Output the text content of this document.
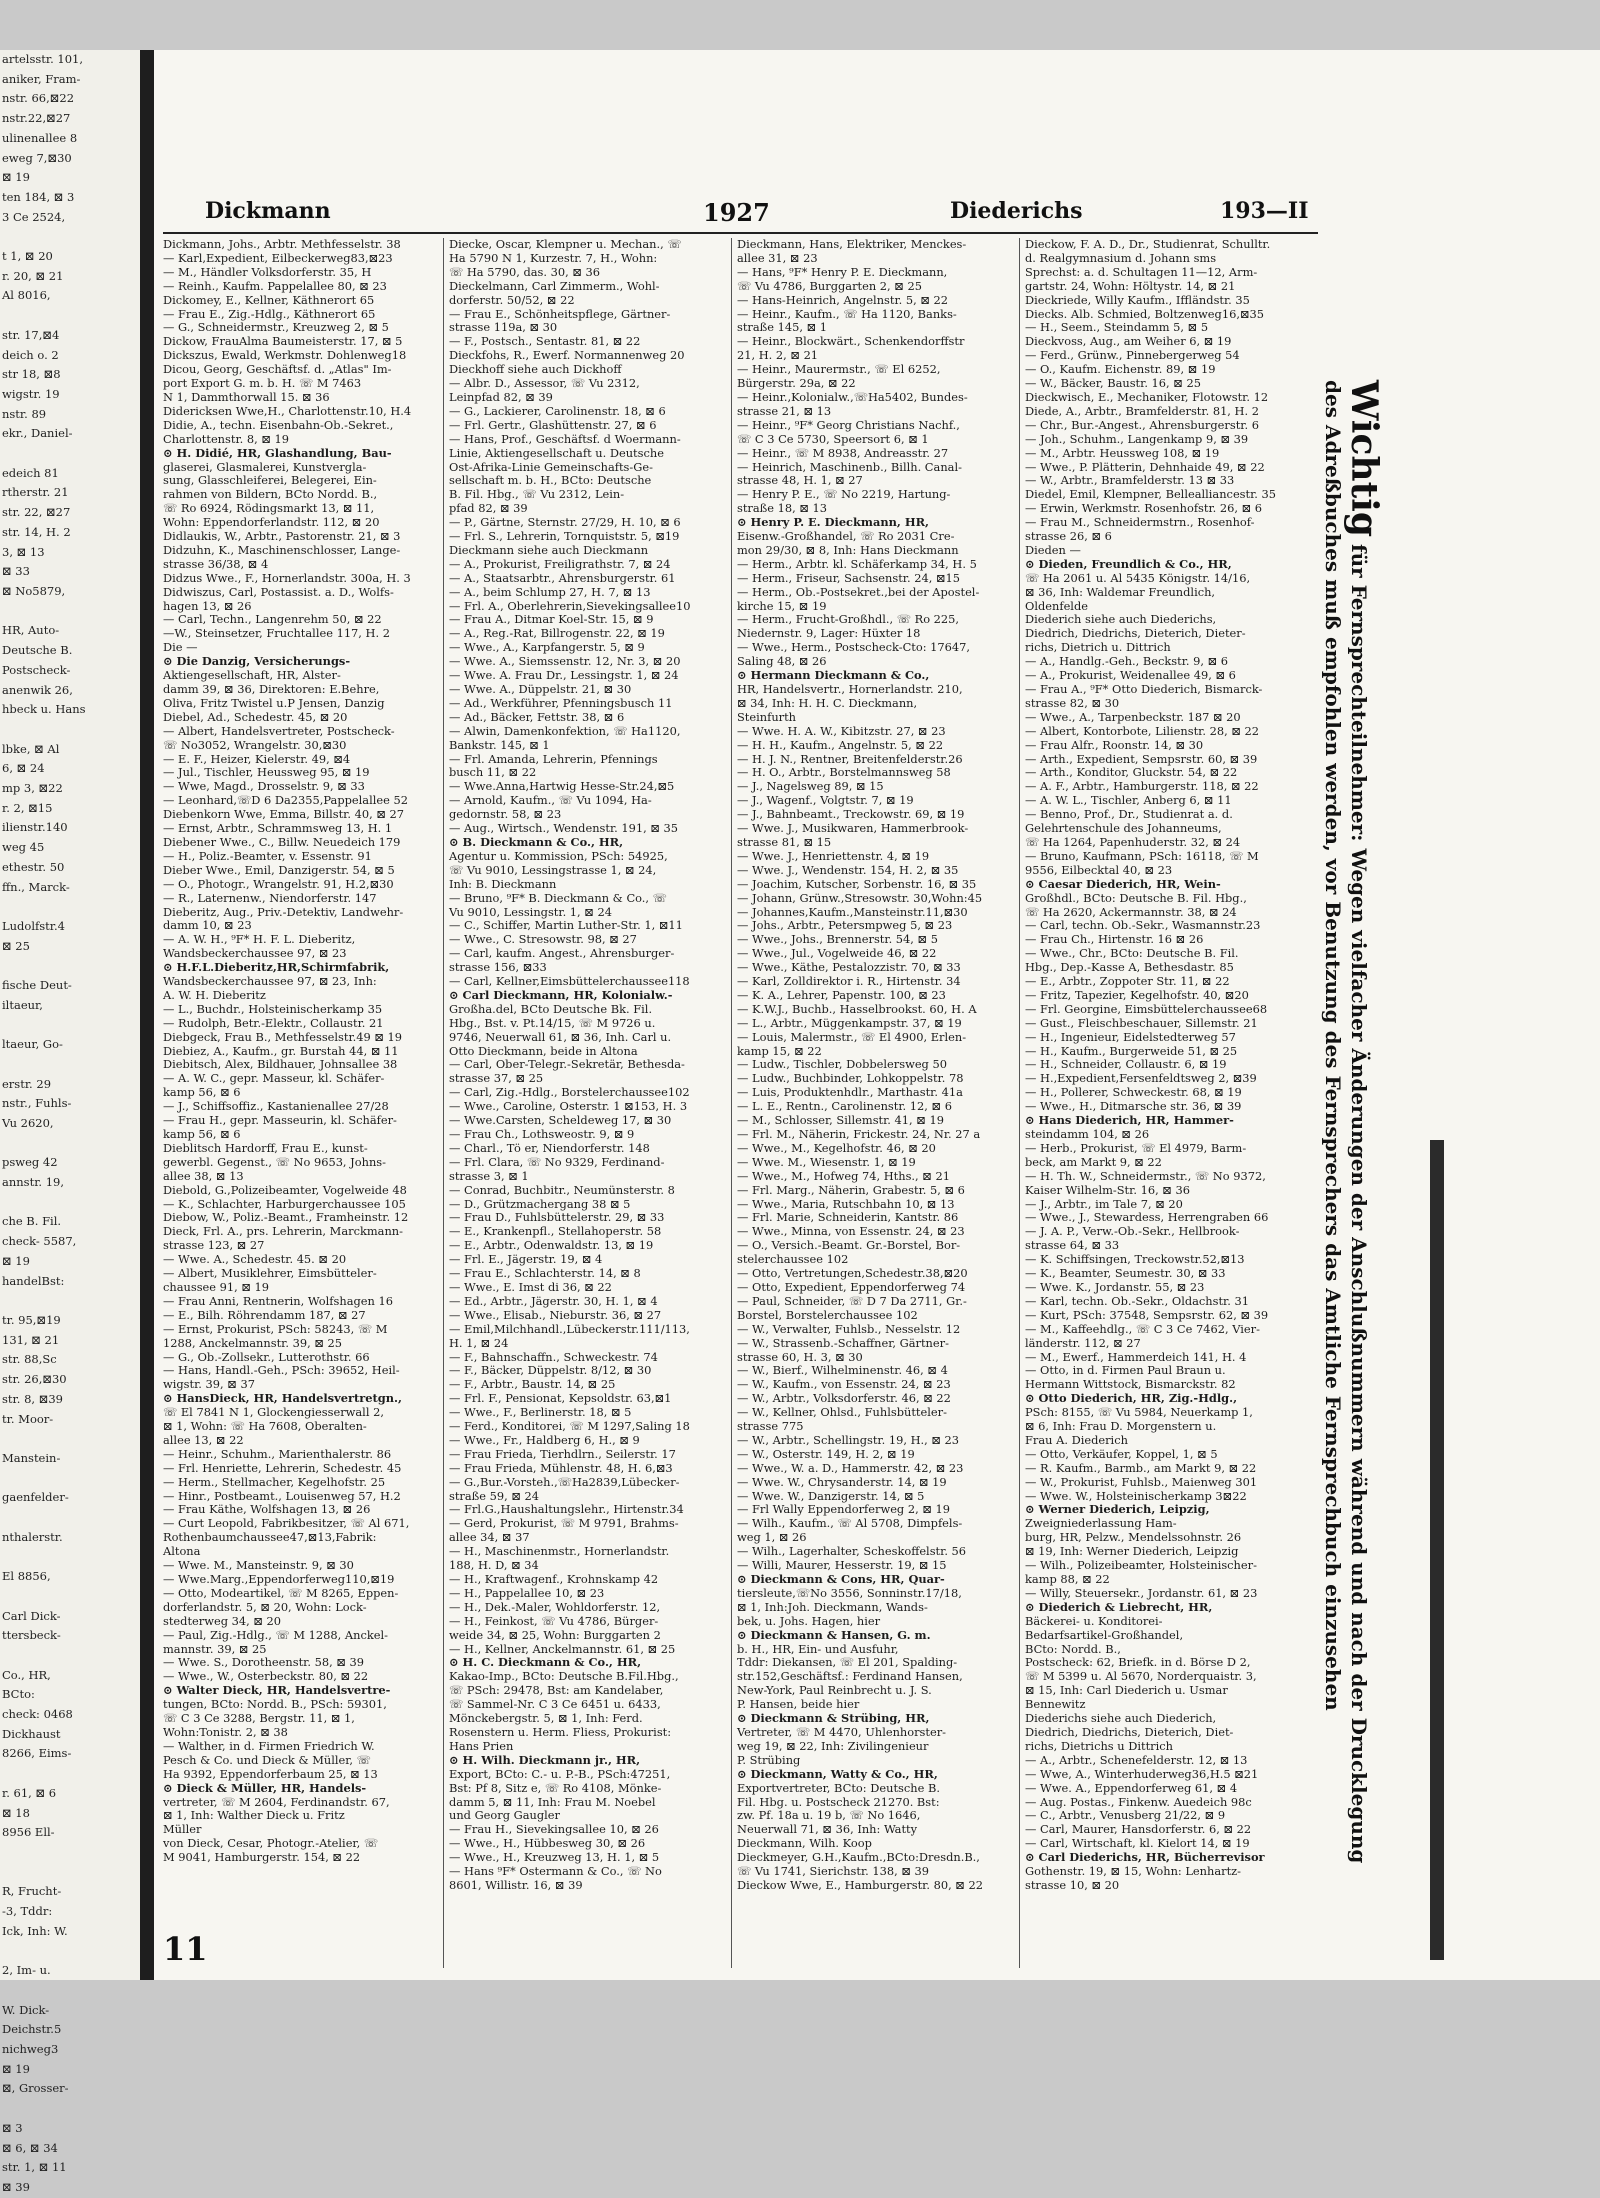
artelsstr. 101,
aniker, Fram-
nstr. 66,⊠22
nstr.22,⊠27
ulinenallee 8
eweg 7,⊠30
⊠ 19
ten 184, ⊠ 3
3 Ce 2524,

t 1, ⊠ 20
r. 20, ⊠ 21
Al 8016,

str. 17,⊠4
deich o. 2
str 18, ⊠8
wigstr. 19
nstr. 89
ekr., Daniel-

edeich 81
rtherstr. 21
str. 22, ⊠27
str. 14, H. 2
3, ⊠ 13
⊠ 33
⊠ No5879,

HR, Auto-
Deutsche B.
Postscheck-
anenwik 26,
hbeck u. Hans

lbke, ⊠ Al
6, ⊠ 24
mp 3, ⊠22
r. 2, ⊠15
ilienstr.140
weg 45
ethestr. 50
ffn., Marck-

Ludolfstr.4
⊠ 25

fische Deut-
iltaeur,

ltaeur, Go-

erstr. 29
nstr., Fuhls-
Vu 2620,

psweg 42
annstr. 19,

che B. Fil.
check- 5587,
⊠ 19
handelBst:

tr. 95,⊠19
131, ⊠ 21
str. 88,Sc
str. 26,⊠30
str. 8, ⊠39
tr. Moor-

Manstein-

gaenfelder-

nthalerstr.

El 8856,

Carl Dick-
ttersbeck-

Co., HR,
BCto:
check: 0468
Dickhaust
8266, Eims-

r. 61, ⊠ 6
⊠ 18
8956 Ell-

R, Frucht-
-3, Tddr:
Ick, Inh: W.

2, Im- u.

W. Dick-
Deichstr.5
nichweg3
⊠ 19
⊠, Grosser-

⊠ 3
⊠ 6, ⊠ 34
str. 1, ⊠ 11
⊠ 39
Dickmann	1927	Diederichs	193—II
Dickmann, Johs., Arbtr. Methfesselstr. 38
— Karl,Expedient, Eilbeckerweg83,⊠23
— M., Händler Volksdorferstr. 35, H
— Reinh., Kaufm. Pappelallee 80, ⊠ 23
Dickomey, E., Kellner, Käthnerort 65
— Frau E., Zig.-Hdlg., Käthnerort 65
— G., Schneidermstr., Kreuzweg 2, ⊠ 5
Dickow, FrauAlma Baumeisterstr. 17, ⊠ 5
Dickszus, Ewald, Werkmstr. Dohlenweg18
Dicou, Georg, Geschäftsf. d. „Atlas" Im-
port Export G. m. b. H. ☏ M 7463
N 1, Dammthorwall 15. ⊠ 36
Didericksen Wwe,H., Charlottenstr.10, H.4
Didie, A., techn. Eisenbahn-Ob.-Sekret.,
Charlottenstr. 8, ⊠ 19
⊙ H. Didié, HR, Glashandlung, Bau-
glaserei, Glasmalerei, Kunstvergla-
sung, Glasschleiferei, Belegerei, Ein-
rahmen von Bildern, BCto Nordd. B.,
☏ Ro 6924, Rödingsmarkt 13, ⊠ 11,
Wohn: Eppendorferlandstr. 112, ⊠ 20
Didlaukis, W., Arbtr., Pastorenstr. 21, ⊠ 3
Didzuhn, K., Maschinenschlosser, Lange-
strasse 36/38, ⊠ 4
Didzus Wwe., F., Hornerlandstr. 300a, H. 3
Didwiszus, Carl, Postassist. a. D., Wolfs-
hagen 13, ⊠ 26
— Carl, Techn., Langenrehm 50, ⊠ 22
—W., Steinsetzer, Fruchtallee 117, H. 2
Die —
⊙ Die Danzig, Versicherungs-
Aktiengesellschaft, HR, Alster-
damm 39, ⊠ 36, Direktoren: E.Behre,
Oliva, Fritz Twistel u.P Jensen, Danzig
Diebel, Ad., Schedestr. 45, ⊠ 20
— Albert, Handelsvertreter, Postscheck-
☏ No3052, Wrangelstr. 30,⊠30
— E. F., Heizer, Kielerstr. 49, ⊠4
— Jul., Tischler, Heussweg 95, ⊠ 19
— Wwe, Magd., Drosselstr. 9, ⊠ 33
— Leonhard,☏D 6 Da2355,Pappelallee 52
Diebenkorn Wwe, Emma, Billstr. 40, ⊠ 27
— Ernst, Arbtr., Schrammsweg 13, H. 1
Diebener Wwe., C., Billw. Neuedeich 179
— H., Poliz.-Beamter, v. Essenstr. 91
Dieber Wwe., Emil, Danzigerstr. 54, ⊠ 5
— O., Photogr., Wrangelstr. 91, H.2,⊠30
— R., Laternenw., Niendorferstr. 147
Dieberitz, Aug., Priv.-Detektiv, Landwehr-
damm 10, ⊠ 23
— A. W. H., ⁹F* H. F. L. Dieberitz,
Wandsbeckerchaussee 97, ⊠ 23
⊙ H.F.L.Dieberitz,HR,Schirmfabrik,
Wandsbeckerchaussee 97, ⊠ 23, Inh:
A. W. H. Dieberitz
— L., Buchdr., Holsteinischerkamp 35
— Rudolph, Betr.-Elektr., Collaustr. 21
Diebgeck, Frau B., Methfesselstr.49 ⊠ 19
Diebiez, A., Kaufm., gr. Burstah 44, ⊠ 11
Diebitsch, Alex, Bildhauer, Johnsallee 38
— A. W. C., gepr. Masseur, kl. Schäfer-
kamp 56, ⊠ 6
— J., Schiffsoffiz., Kastanienallee 27/28
— Frau H., gepr. Masseurin, kl. Schäfer-
kamp 56, ⊠ 6
Dieblitsch Hardorff, Frau E., kunst-
gewerbl. Gegenst., ☏ No 9653, Johns-
allee 38, ⊠ 13
Diebold, G.,Polizeibeamter, Vogelweide 48
— K., Schlachter, Harburgerchaussee 105
Diebow, W., Poliz.-Beamt., Framheinstr. 12
Dieck, Frl. A., prs. Lehrerin, Marckmann-
strasse 123, ⊠ 27
— Wwe. A., Schedestr. 45. ⊠ 20
— Albert, Musiklehrer, Eimsbütteler-
chaussee 91, ⊠ 19
— Frau Anni, Rentnerin, Wolfshagen 16
— E., Bilh. Röhrendamm 187, ⊠ 27
— Ernst, Prokurist, PSch: 58243, ☏ M
1288, Anckelmannstr. 39, ⊠ 25
— G., Ob.-Zollsekr., Lutterothstr. 66
— Hans, Handl.-Geh., PSch: 39652, Heil-
wigstr. 39, ⊠ 37
⊙ HansDieck, HR, Handelsvertretgn.,
☏ El 7841 N 1, Glockengiesserwall 2,
⊠ 1, Wohn: ☏ Ha 7608, Oberalten-
allee 13, ⊠ 22
— Heinr., Schuhm., Marienthalerstr. 86
— Frl. Henriette, Lehrerin, Schedestr. 45
— Herm., Stellmacher, Kegelhofstr. 25
— Hinr., Postbeamt., Louisenweg 57, H.2
— Frau Käthe, Wolfshagen 13, ⊠ 26
— Curt Leopold, Fabrikbesitzer, ☏ Al 671,
Rothenbaumchaussee47,⊠13,Fabrik:
Altona
— Wwe. M., Mansteinstr. 9, ⊠ 30
— Wwe.Marg.,Eppendorferweg110,⊠19
— Otto, Modeartikel, ☏ M 8265, Eppen-
dorferlandstr. 5, ⊠ 20, Wohn: Lock-
stedterweg 34, ⊠ 20
— Paul, Zig.-Hdlg., ☏ M 1288, Anckel-
mannstr. 39, ⊠ 25
— Wwe. S., Dorotheenstr. 58, ⊠ 39
— Wwe., W., Osterbeckstr. 80, ⊠ 22
⊙ Walter Dieck, HR, Handelsvertre-
tungen, BCto: Nordd. B., PSch: 59301,
☏ C 3 Ce 3288, Bergstr. 11, ⊠ 1,
Wohn:Tonistr. 2, ⊠ 38
— Walther, in d. Firmen Friedrich W.
Pesch & Co. und Dieck & Müller, ☏
Ha 9392, Eppendorferbaum 25, ⊠ 13
⊙ Dieck & Müller, HR, Handels-
vertreter, ☏ M 2604, Ferdinandstr. 67,
⊠ 1, Inh: Walther Dieck u. Fritz
Müller
von Dieck, Cesar, Photogr.-Atelier, ☏
M 9041, Hamburgerstr. 154, ⊠ 22
Diecke, Oscar, Klempner u. Mechan., ☏
Ha 5790 N 1, Kurzestr. 7, H., Wohn:
☏ Ha 5790, das. 30, ⊠ 36
Dieckelmann, Carl Zimmerm., Wohl-
dorferstr. 50/52, ⊠ 22
— Frau E., Schönheitspflege, Gärtner-
strasse 119a, ⊠ 30
— F., Postsch., Sentastr. 81, ⊠ 22
Dieckfohs, R., Ewerf. Normannenweg 20
Dieckhoff siehe auch Dickhoff
— Albr. D., Assessor, ☏ Vu 2312,
Leinpfad 82, ⊠ 39
— G., Lackierer, Carolinenstr. 18, ⊠ 6
— Frl. Gertr., Glashüttenstr. 27, ⊠ 6
— Hans, Prof., Geschäftsf. d Woermann-
Linie, Aktiengesellschaft u. Deutsche
Ost-Afrika-Linie Gemeinschafts-Ge-
sellschaft m. b. H., BCto: Deutsche
B. Fil. Hbg., ☏ Vu 2312, Lein-
pfad 82, ⊠ 39
— P., Gärtne, Sternstr. 27/29, H. 10, ⊠ 6
— Frl. S., Lehrerin, Tornquiststr. 5, ⊠19
Dieckmann siehe auch Dieckmann
— A., Prokurist, Freiligrathstr. 7, ⊠ 24
— A., Staatsarbtr., Ahrensburgerstr. 61
— A., beim Schlump 27, H. 7, ⊠ 13
— Frl. A., Oberlehrerin,Sievekingsallee10
— Frau A., Ditmar Koel-Str. 15, ⊠ 9
— A., Reg.-Rat, Billrogenstr. 22, ⊠ 19
— Wwe., A., Karpfangerstr. 5, ⊠ 9
— Wwe. A., Siemssenstr. 12, Nr. 3, ⊠ 20
— Wwe. A. Frau Dr., Lessingstr. 1, ⊠ 24
— Wwe. A., Düppelstr. 21, ⊠ 30
— Ad., Werkführer, Pfenningsbusch 11
— Ad., Bäcker, Fettstr. 38, ⊠ 6
— Alwin, Damenkonfektion, ☏ Ha1120,
Bankstr. 145, ⊠ 1
— Frl. Amanda, Lehrerin, Pfennings
busch 11, ⊠ 22
— Wwe.Anna,Hartwig Hesse-Str.24,⊠5
— Arnold, Kaufm., ☏ Vu 1094, Ha-
gedornstr. 58, ⊠ 23
— Aug., Wirtsch., Wendenstr. 191, ⊠ 35
⊙ B. Dieckmann & Co., HR,
Agentur u. Kommission, PSch: 54925,
☏ Vu 9010, Lessingstrasse 1, ⊠ 24,
Inh: B. Dieckmann
— Bruno, ⁹F* B. Dieckmann & Co., ☏
Vu 9010, Lessingstr. 1, ⊠ 24
— C., Schiffer, Martin Luther-Str. 1, ⊠11
— Wwe., C. Stresowstr. 98, ⊠ 27
— Carl, kaufm. Angest., Ahrensburger-
strasse 156, ⊠33
— Carl, Kellner,Eimsbüttelerchaussee118
⊙ Carl Dieckmann, HR, Kolonialw.-
Großha.del, BCto Deutsche Bk. Fil.
Hbg., Bst. v. Pt.14/15, ☏ M 9726 u.
9746, Neuerwall 61, ⊠ 36, Inh. Carl u.
Otto Dieckmann, beide in Altona
— Carl, Ober-Telegr.-Sekretär, Bethesda-
strasse 37, ⊠ 25
— Carl, Zig.-Hdlg., Borstelerchaussee102
— Wwe., Caroline, Osterstr. 1 ⊠153, H. 3
— Wwe.Carsten, Scheldeweg 17, ⊠ 30
— Frau Ch., Lothsweostr. 9, ⊠ 9
— Charl., Tö er, Niendorferstr. 148
— Frl. Clara, ☏ No 9329, Ferdinand-
strasse 3, ⊠ 1
— Conrad, Buchbitr., Neumünsterstr. 8
— D., Grützmachergang 38 ⊠ 5
— Frau D., Fuhlsbüttelerstr. 29, ⊠ 33
— E., Krankenpfl., Stellahoperstr. 58
— E., Arbtr., Odenwaldstr. 13, ⊠ 19
— Frl. E., Jägerstr. 19, ⊠ 4
— Frau E., Schlachterstr. 14, ⊠ 8
— Wwe., E. Imst di 36, ⊠ 22
— Ed., Arbtr., Jägerstr. 30, H. 1, ⊠ 4
— Wwe., Elisab., Nieburstr. 36, ⊠ 27
— Emil,Milchhandl.,Lübeckerstr.111/113,
H. 1, ⊠ 24
— F., Bahnschaffn., Schweckestr. 74
— F., Bäcker, Düppelstr. 8/12, ⊠ 30
— F., Arbtr., Baustr. 14, ⊠ 25
— Frl. F., Pensionat, Kepsoldstr. 63,⊠1
— Wwe., F., Berlinerstr. 18, ⊠ 5
— Ferd., Konditorei, ☏ M 1297,Saling 18
— Wwe., Fr., Haldberg 6, H., ⊠ 9
— Frau Frieda, Tierhdlrn., Seilerstr. 17
— Frau Frieda, Mühlenstr. 48, H. 6,⊠3
— G.,Bur.-Vorsteh.,☏Ha2839,Lübecker-
straße 59, ⊠ 24
— Frl.G.,Haushaltungslehr., Hirtenstr.34
— Gerd, Prokurist, ☏ M 9791, Brahms-
allee 34, ⊠ 37
— H., Maschinenmstr., Hornerlandstr.
188, H. D, ⊠ 34
— H., Kraftwagenf., Krohnskamp 42
— H., Pappelallee 10, ⊠ 23
— H., Dek.-Maler, Wohldorferstr. 12,
— H., Feinkost, ☏ Vu 4786, Bürger-
weide 34, ⊠ 25, Wohn: Burggarten 2
— H., Kellner, Anckelmannstr. 61, ⊠ 25
⊙ H. C. Dieckmann & Co., HR,
Kakao-Imp., BCto: Deutsche B.Fil.Hbg.,
☏ PSch: 29478, Bst: am Kandelaber,
☏ Sammel-Nr. C 3 Ce 6451 u. 6433,
Mönckebergstr. 5, ⊠ 1, Inh: Ferd.
Rosenstern u. Herm. Fliess, Prokurist:
Hans Prien
⊙ H. Wilh. Dieckmann jr., HR,
Export, BCto: C.- u. P.-B., PSch:47251,
Bst: Pf 8, Sitz e, ☏ Ro 4108, Mönke-
damm 5, ⊠ 11, Inh: Frau M. Noebel
und Georg Gaugler
— Frau H., Sievekingsallee 10, ⊠ 26
— Wwe., H., Hübbesweg 30, ⊠ 26
— Wwe., H., Kreuzweg 13, H. 1, ⊠ 5
— Hans ⁹F* Ostermann & Co., ☏ No
8601, Willistr. 16, ⊠ 39
Dieckmann, Hans, Elektriker, Menckes-
allee 31, ⊠ 23
— Hans, ⁹F* Henry P. E. Dieckmann,
☏ Vu 4786, Burggarten 2, ⊠ 25
— Hans-Heinrich, Angelnstr. 5, ⊠ 22
— Heinr., Kaufm., ☏ Ha 1120, Banks-
straße 145, ⊠ 1
— Heinr., Blockwärt., Schenkendorffstr
21, H. 2, ⊠ 21
— Heinr., Maurermstr., ☏ El 6252,
Bürgerstr. 29a, ⊠ 22
— Heinr.,Kolonialw.,☏Ha5402, Bundes-
strasse 21, ⊠ 13
— Heinr., ⁹F* Georg Christians Nachf.,
☏ C 3 Ce 5730, Speersort 6, ⊠ 1
— Heinr., ☏ M 8938, Andreasstr. 27
— Heinrich, Maschinenb., Billh. Canal-
strasse 48, H. 1, ⊠ 27
— Henry P. E., ☏ No 2219, Hartung-
straße 18, ⊠ 13
⊙ Henry P. E. Dieckmann, HR,
Eisenw.-Großhandel, ☏ Ro 2031 Cre-
mon 29/30, ⊠ 8, Inh: Hans Dieckmann
— Herm., Arbtr. kl. Schäferkamp 34, H. 5
— Herm., Friseur, Sachsenstr. 24, ⊠15
— Herm., Ob.-Postsekret.,bei der Apostel-
kirche 15, ⊠ 19
— Herm., Frucht-Großhdl., ☏ Ro 225,
Niedernstr. 9, Lager: Hüxter 18
— Wwe., Herm., Postscheck-Cto: 17647,
Saling 48, ⊠ 26
⊙ Hermann Dieckmann & Co.,
HR, Handelsvertr., Hornerlandstr. 210,
⊠ 34, Inh: H. H. C. Dieckmann,
Steinfurth
— Wwe. H. A. W., Kibitzstr. 27, ⊠ 23
— H. H., Kaufm., Angelnstr. 5, ⊠ 22
— H. J. N., Rentner, Breitenfelderstr.26
— H. O., Arbtr., Borstelmannsweg 58
— J., Nagelsweg 89, ⊠ 15
— J., Wagenf., Volgtstr. 7, ⊠ 19
— J., Bahnbeamt., Treckowstr. 69, ⊠ 19
— Wwe. J., Musikwaren, Hammerbrook-
strasse 81, ⊠ 15
— Wwe. J., Henriettenstr. 4, ⊠ 19
— Wwe. J., Wendenstr. 154, H. 2, ⊠ 35
— Joachim, Kutscher, Sorbenstr. 16, ⊠ 35
— Johann, Grünw.,Stresowstr. 30,Wohn:45
— Johannes,Kaufm.,Mansteinstr.11,⊠30
— Johs., Arbtr., Petersmpweg 5, ⊠ 23
— Wwe., Johs., Brennerstr. 54, ⊠ 5
— Wwe., Jul., Vogelweide 46, ⊠ 22
— Wwe., Käthe, Pestalozzistr. 70, ⊠ 33
— Karl, Zolldirektor i. R., Hirtenstr. 34
— K. A., Lehrer, Papenstr. 100, ⊠ 23
— K.W.J., Buchb., Hasselbrookst. 60, H. A
— L., Arbtr., Müggenkampstr. 37, ⊠ 19
— Louis, Malermstr., ☏ El 4900, Erlen-
kamp 15, ⊠ 22
— Ludw., Tischler, Dobbelersweg 50
— Ludw., Buchbinder, Lohkoppelstr. 78
— Luis, Produktenhdlr., Marthastr. 41a
— L. E., Rentn., Carolinenstr. 12, ⊠ 6
— M., Schlosser, Sillemstr. 41, ⊠ 19
— Frl. M., Näherin, Frickestr. 24, Nr. 27 a
— Wwe., M., Kegelhofstr. 46, ⊠ 20
— Wwe. M., Wiesenstr. 1, ⊠ 19
— Wwe., M., Hofweg 74, Hths., ⊠ 21
— Frl. Marg., Näherin, Grabestr. 5, ⊠ 6
— Wwe., Maria, Rutschbahn 10, ⊠ 13
— Frl. Marie, Schneiderin, Kantstr. 86
— Wwe., Minna, von Essenstr. 24, ⊠ 23
— O., Versich.-Beamt. Gr.-Borstel, Bor-
stelerchaussee 102
— Otto, Vertretungen,Schedestr.38,⊠20
— Otto, Expedient, Eppendorferweg 74
— Paul, Schneider, ☏ D 7 Da 2711, Gr.-
Borstel, Borstelerchaussee 102
— W., Verwalter, Fuhlsb., Nesselstr. 12
— W., Strassenb.-Schaffner, Gärtner-
strasse 60, H. 3, ⊠ 30
— W., Bierf., Wilhelminenstr. 46, ⊠ 4
— W., Kaufm., von Essenstr. 24, ⊠ 23
— W., Arbtr., Volksdorferstr. 46, ⊠ 22
— W., Kellner, Ohlsd., Fuhlsbütteler-
strasse 775
— W., Arbtr., Schellingstr. 19, H., ⊠ 23
— W., Osterstr. 149, H. 2, ⊠ 19
— Wwe., W. a. D., Hammerstr. 42, ⊠ 23
— Wwe. W., Chrysanderstr. 14, ⊠ 19
— Wwe. W., Danzigerstr. 14, ⊠ 5
— Frl Wally Eppendorferweg 2, ⊠ 19
— Wilh., Kaufm., ☏ Al 5708, Dimpfels-
weg 1, ⊠ 26
— Wilh., Lagerhalter, Scheskoffelstr. 56
— Willi, Maurer, Hesserstr. 19, ⊠ 15
⊙ Dieckmann & Cons, HR, Quar-
tiersleute,☏No 3556, Sonninstr.17/18,
⊠ 1, Inh:Joh. Dieckmann, Wands-
bek, u. Johs. Hagen, hier
⊙ Dieckmann & Hansen, G. m.
b. H., HR, Ein- und Ausfuhr,
Tddr: Diekansen, ☏ El 201, Spalding-
str.152,Geschäftsf.: Ferdinand Hansen,
New-York, Paul Reinbrecht u. J. S.
P. Hansen, beide hier
⊙ Dieckmann & Strübing, HR,
Vertreter, ☏ M 4470, Uhlenhorster-
weg 19, ⊠ 22, Inh: Zivilingenieur
P. Strübing
⊙ Dieckmann, Watty & Co., HR,
Exportvertreter, BCto: Deutsche B.
Fil. Hbg. u. Postscheck 21270. Bst:
zw. Pf. 18a u. 19 b, ☏ No 1646,
Neuerwall 71, ⊠ 36, Inh: Watty
Dieckmann, Wilh. Koop
Dieckmeyer, G.H.,Kaufm.,BCto:Dresdn.B.,
☏ Vu 1741, Sierichstr. 138, ⊠ 39
Dieckow Wwe, E., Hamburgerstr. 80, ⊠ 22
Dieckow, F. A. D., Dr., Studienrat, Schulltr.
d. Realgymnasium d. Johann sms
Sprechst: a. d. Schultagen 11—12, Arm-
gartstr. 24, Wohn: Höltystr. 14, ⊠ 21
Dieckriede, Willy Kaufm., Iffländstr. 35
Diecks. Alb. Schmied, Boltzenweg16,⊠35
— H., Seem., Steindamm 5, ⊠ 5
Dieckvoss, Aug., am Weiher 6, ⊠ 19
— Ferd., Grünw., Pinnebergerweg 54
— O., Kaufm. Eichenstr. 89, ⊠ 19
— W., Bäcker, Baustr. 16, ⊠ 25
Dieckwisch, E., Mechaniker, Flotowstr. 12
Diede, A., Arbtr., Bramfelderstr. 81, H. 2
— Chr., Bur.-Angest., Ahrensburgerstr. 6
— Joh., Schuhm., Langenkamp 9, ⊠ 39
— M., Arbtr. Heussweg 108, ⊠ 19
— Wwe., P. Plätterin, Dehnhaide 49, ⊠ 22
— W., Arbtr., Bramfelderstr. 13 ⊠ 33
Diedel, Emil, Klempner, Bellealliancestr. 35
— Erwin, Werkmstr. Rosenhofstr. 26, ⊠ 6
— Frau M., Schneidermstrn., Rosenhof-
strasse 26, ⊠ 6
Dieden —
⊙ Dieden, Freundlich & Co., HR,
☏ Ha 2061 u. Al 5435 Königstr. 14/16,
⊠ 36, Inh: Waldemar Freundlich,
Oldenfelde
Diederich siehe auch Diederichs,
Diedrich, Diedrichs, Dieterich, Dieter-
richs, Dietrich u. Dittrich
— A., Handlg.-Geh., Beckstr. 9, ⊠ 6
— A., Prokurist, Weidenallee 49, ⊠ 6
— Frau A., ⁹F* Otto Diederich, Bismarck-
strasse 82, ⊠ 30
— Wwe., A., Tarpenbeckstr. 187 ⊠ 20
— Albert, Kontorbote, Lilienstr. 28, ⊠ 22
— Frau Alfr., Roonstr. 14, ⊠ 30
— Arth., Expedient, Sempsrstr. 60, ⊠ 39
— Arth., Konditor, Gluckstr. 54, ⊠ 22
— A. F., Arbtr., Hamburgerstr. 118, ⊠ 22
— A. W. L., Tischler, Anberg 6, ⊠ 11
— Benno, Prof., Dr., Studienrat a. d.
Gelehrtenschule des Johanneums,
☏ Ha 1264, Papenhuderstr. 32, ⊠ 24
— Bruno, Kaufmann, PSch: 16118, ☏ M
9556, Eilbecktal 40, ⊠ 23
⊙ Caesar Diederich, HR, Wein-
Großhdl., BCto: Deutsche B. Fil. Hbg.,
☏ Ha 2620, Ackermannstr. 38, ⊠ 24
— Carl, techn. Ob.-Sekr., Wasmannstr.23
— Frau Ch., Hirtenstr. 16 ⊠ 26
— Wwe., Chr., BCto: Deutsche B. Fil.
Hbg., Dep.-Kasse A, Bethesdastr. 85
— E., Arbtr., Zoppoter Str. 11, ⊠ 22
— Fritz, Tapezier, Kegelhofstr. 40, ⊠20
— Frl. Georgine, Eimsbüttelerchaussee68
— Gust., Fleischbeschauer, Sillemstr. 21
— H., Ingenieur, Eidelstedterweg 57
— H., Kaufm., Burgerweide 51, ⊠ 25
— H., Schneider, Collaustr. 6, ⊠ 19
— H.,Expedient,Fersenfeldtsweg 2, ⊠39
— H., Pollerer, Schweckestr. 68, ⊠ 19
— Wwe., H., Ditmarsche str. 36, ⊠ 39
⊙ Hans Diederich, HR, Hammer-
steindamm 104, ⊠ 26
— Herb., Prokurist, ☏ El 4979, Barm-
beck, am Markt 9, ⊠ 22
— H. Th. W., Schneidermstr., ☏ No 9372,
Kaiser Wilhelm-Str. 16, ⊠ 36
— J., Arbtr., im Tale 7, ⊠ 20
— Wwe., J., Stewardess, Herrengraben 66
— J. A. P., Verw.-Ob.-Sekr., Hellbrook-
strasse 64, ⊠ 33
— K. Schiffsingen, Treckowstr.52,⊠13
— K., Beamter, Seumestr. 30, ⊠ 33
— Wwe. K., Jordanstr. 55, ⊠ 23
— Karl, techn. Ob.-Sekr., Oldachstr. 31
— Kurt, PSch: 37548, Sempsrstr. 62, ⊠ 39
— M., Kaffeehdlg., ☏ C 3 Ce 7462, Vier-
länderstr. 112, ⊠ 27
— M., Ewerf., Hammerdeich 141, H. 4
— Otto, in d. Firmen Paul Braun u.
Hermann Wittstock, Bismarckstr. 82
⊙ Otto Diederich, HR, Zig.-Hdlg.,
PSch: 8155, ☏ Vu 5984, Neuerkamp 1,
⊠ 6, Inh: Frau D. Morgenstern u.
Frau A. Diederich
— Otto, Verkäufer, Koppel, 1, ⊠ 5
— R. Kaufm., Barmb., am Markt 9, ⊠ 22
— W., Prokurist, Fuhlsb., Maienweg 301
— Wwe. W., Holsteinischerkamp 3⊠22
⊙ Werner Diederich, Leipzig,
Zweigniederlassung Ham-
burg, HR, Pelzw., Mendelssohnstr. 26
⊠ 19, Inh: Werner Diederich, Leipzig
— Wilh., Polizeibeamter, Holsteinischer-
kamp 88, ⊠ 22
— Willy, Steuersekr., Jordanstr. 61, ⊠ 23
⊙ Diederich & Liebrecht, HR,
Bäckerei- u. Konditorei-
Bedarfsartikel-Großhandel,
BCto: Nordd. B.,
Postscheck: 62, Briefk. in d. Börse D 2,
☏ M 5399 u. Al 5670, Norderquaistr. 3,
⊠ 15, Inh: Carl Diederich u. Usmar
Bennewitz
Diederichs siehe auch Diederich,
Diedrich, Diedrichs, Dieterich, Diet-
richs, Dietrichs u Dittrich
— A., Arbtr., Schenefelderstr. 12, ⊠ 13
— Wwe, A., Winterhuderweg36,H.5 ⊠21
— Wwe. A., Eppendorferweg 61, ⊠ 4
— Aug. Postas., Finkenw. Auedeich 98c
— C., Arbtr., Venusberg 21/22, ⊠ 9
— Carl, Maurer, Hansdorferstr. 6, ⊠ 22
— Carl, Wirtschaft, kl. Kielort 14, ⊠ 19
⊙ Carl Diederichs, HR, Bücherrevisor
Gothenstr. 19, ⊠ 15, Wohn: Lenhartz-
strasse 10, ⊠ 20
11
Wichtig für Fernsprechteilnehmer: Wegen vielfacher Änderungen der Anschlußnummern während und nach der Drucklegung
des Adreßbuches muß empfohlen werden, vor Benutzung des Fernsprechers das Amtliche Fernsprechbuch einzusehen
